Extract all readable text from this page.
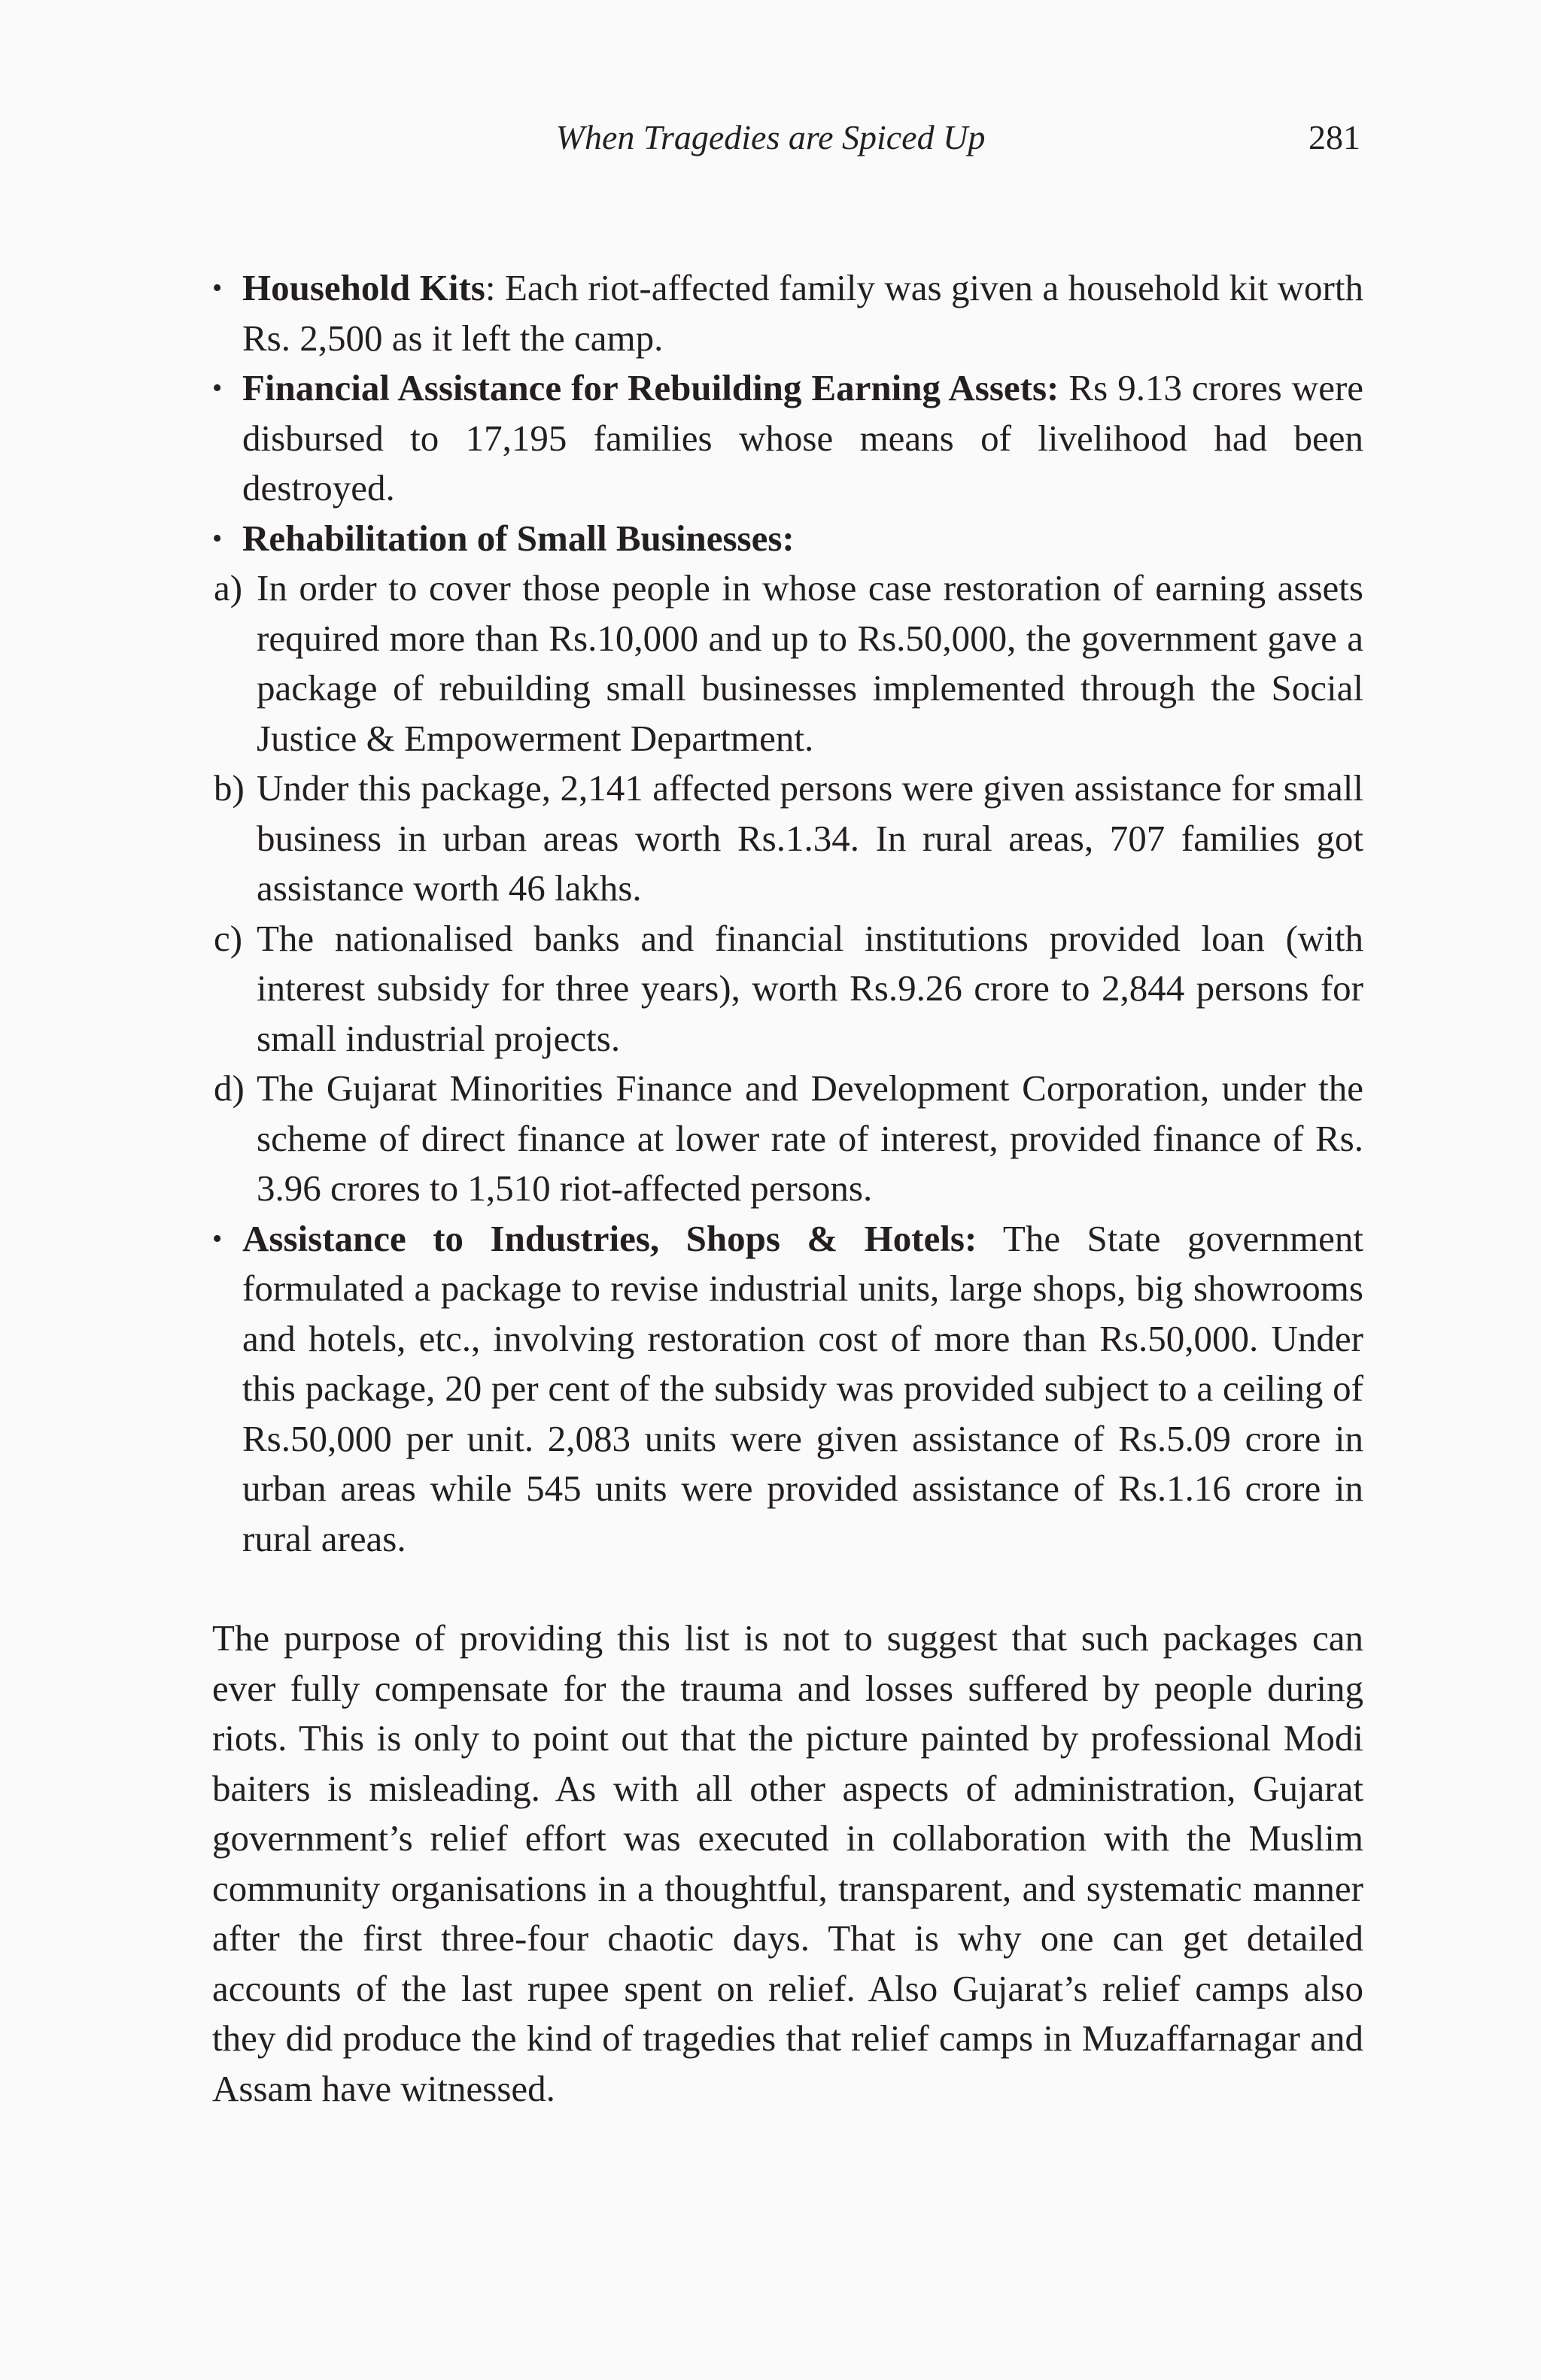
When Tragedies are Spiced Up	281
• Household Kits: Each riot-affected family was given a household kit worth Rs. 2,500 as it left the camp.
• Financial Assistance for Rebuilding Earning Assets: Rs 9.13 crores were disbursed to 17,195 families whose means of livelihood had been destroyed.
• Rehabilitation of Small Businesses:
a) In order to cover those people in whose case restoration of earning assets required more than Rs.10,000 and up to Rs.50,000, the government gave a package of rebuilding small businesses implemented through the Social Justice & Empowerment Department.
b) Under this package, 2,141 affected persons were given assistance for small business in urban areas worth Rs.1.34. In rural areas, 707 families got assistance worth 46 lakhs.
c) The nationalised banks and financial institutions provided loan (with interest subsidy for three years), worth Rs.9.26 crore to 2,844 persons for small industrial projects.
d) The Gujarat Minorities Finance and Development Corporation, under the scheme of direct finance at lower rate of interest, provided finance of Rs. 3.96 crores to 1,510 riot-affected persons.
• Assistance to Industries, Shops & Hotels: The State government formulated a package to revise industrial units, large shops, big showrooms and hotels, etc., involving restoration cost of more than Rs.50,000. Under this package, 20 per cent of the subsidy was provided subject to a ceiling of Rs.50,000 per unit. 2,083 units were given assistance of Rs.5.09 crore in urban areas while 545 units were provided assistance of Rs.1.16 crore in rural areas.

The purpose of providing this list is not to suggest that such packages can ever fully compensate for the trauma and losses suffered by people during riots. This is only to point out that the picture painted by professional Modi baiters is misleading. As with all other aspects of administration, Gujarat government’s relief effort was executed in collaboration with the Muslim community organisations in a thoughtful, transparent, and systematic manner after the first three-four chaotic days. That is why one can get detailed accounts of the last rupee spent on relief. Also Gujarat’s relief camps also they did produce the kind of tragedies that relief camps in Muzaffarnagar and Assam have witnessed.
